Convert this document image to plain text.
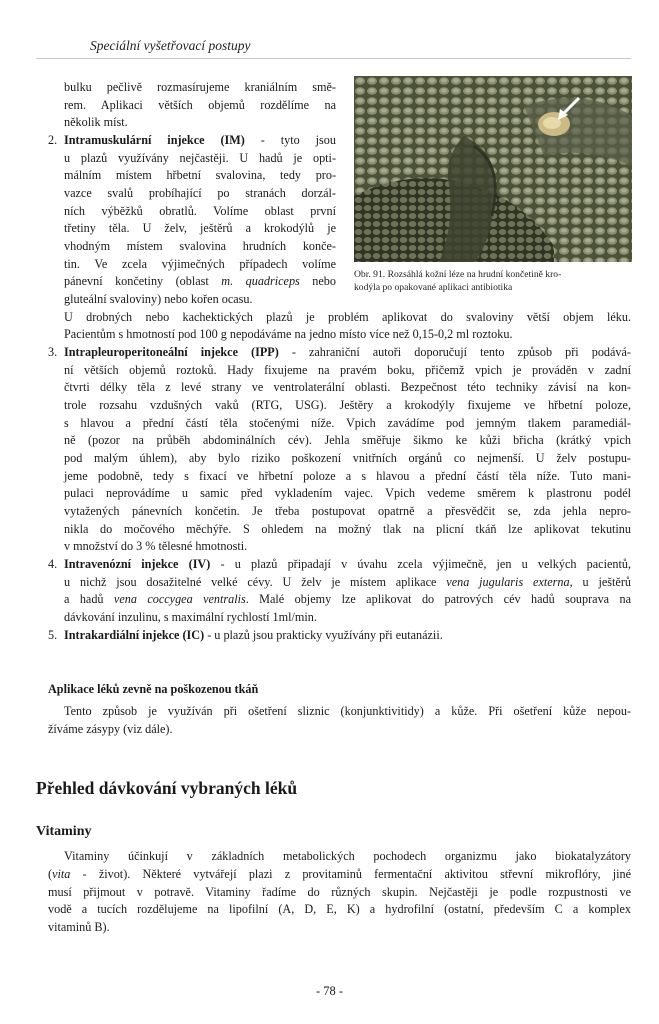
Speciální vyšetřovací postupy
Obr. 91. Rozsáhlá kožní léze na hrudní končetině kro-
kodýla po opakované aplikaci antibiotika
bulku pečlivě rozmasírujeme kraniálním smě-
rem. Aplikaci větších objemů rozdělíme na
několik míst.
2. Intramuskulární injekce (IM) - tyto jsou
u plazů využívány nejčastěji. U hadů je opti-
málním místem hřbetní svalovina, tedy pro-
vazce svalů probíhající po stranách dorzál-
ních výběžků obratlů. Volíme oblast první
třetiny těla. U želv, ještěrů a krokodýlů je
vhodným místem svalovina hrudních konče-
tin. Ve zcela výjimečných případech volíme
pánevní končetiny (oblast m. quadriceps nebo
gluteální svaloviny) nebo kořen ocasu.
U drobných nebo kachektických plazů je problém aplikovat do svaloviny větší objem léku.
Pacientům s hmotností pod 100 g nepodáváme na jedno místo více než 0,15-0,2 ml roztoku.
3. Intrapleuroperitoneální injekce (IPP) - zahraniční autoři doporučují tento způsob při podává-
ní větších objemů roztoků. Hady fixujeme na pravém boku, přičemž vpich je prováděn v zadní
čtvrti délky těla z levé strany ve ventrolaterální oblasti. Bezpečnost této techniky závisí na kon-
trole rozsahu vzdušných vaků (RTG, USG). Ještěry a krokodýly fixujeme ve hřbetní poloze,
s hlavou a přední částí těla stočenými níže. Vpich zavádíme pod jemným tlakem paramediál-
ně (pozor na průběh abdominálních cév). Jehla směřuje šikmo ke kůži břicha (krátký vpich
pod malým úhlem), aby bylo riziko poškození vnitřních orgánů co nejmenší. U želv postupu-
jeme podobně, tedy s fixací ve hřbetní poloze a s hlavou a přední částí těla níže. Tuto mani-
pulaci neprovádíme u samic před vykladením vajec. Vpich vedeme směrem k plastronu podél
vytažených pánevních končetin. Je třeba postupovat opatrně a přesvědčit se, zda jehla nepro-
nikla do močového měchýře. S ohledem na možný tlak na plicní tkáň lze aplikovat tekutinu
v množství do 3 % tělesné hmotnosti.
4. Intravenózní injekce (IV) - u plazů připadají v úvahu zcela výjimečně, jen u velkých pacientů,
u nichž jsou dosažitelné velké cévy. U želv je místem aplikace vena jugularis externa, u ještěrů
a hadů vena coccygea ventralis. Malé objemy lze aplikovat do patrových cév hadů souprava na
dávkování inzulinu, s maximální rychlostí 1ml/min.
5. Intrakardiální injekce (IC) - u plazů jsou prakticky využívány při eutanázii.
Aplikace léků zevně na poškozenou tkáň
Tento způsob je využíván při ošetření sliznic (konjunktivitidy) a kůže. Při ošetření kůže nepou-
žíváme zásypy (viz dále).
Přehled dávkování vybraných léků
Vitaminy
Vitaminy účinkují v základních metabolických pochodech organizmu jako biokatalyzátory
(vita - život). Některé vytvářejí plazi z provitaminů fermentační aktivitou střevní mikroflóry, jiné
musí přijmout v potravě. Vitaminy řadíme do různých skupin. Nejčastěji je podle rozpustnosti ve
vodě a tucích rozdělujeme na lipofilní (A, D, E, K) a hydrofilní (ostatní, především C a komplex
vitaminů B).
- 78 -
